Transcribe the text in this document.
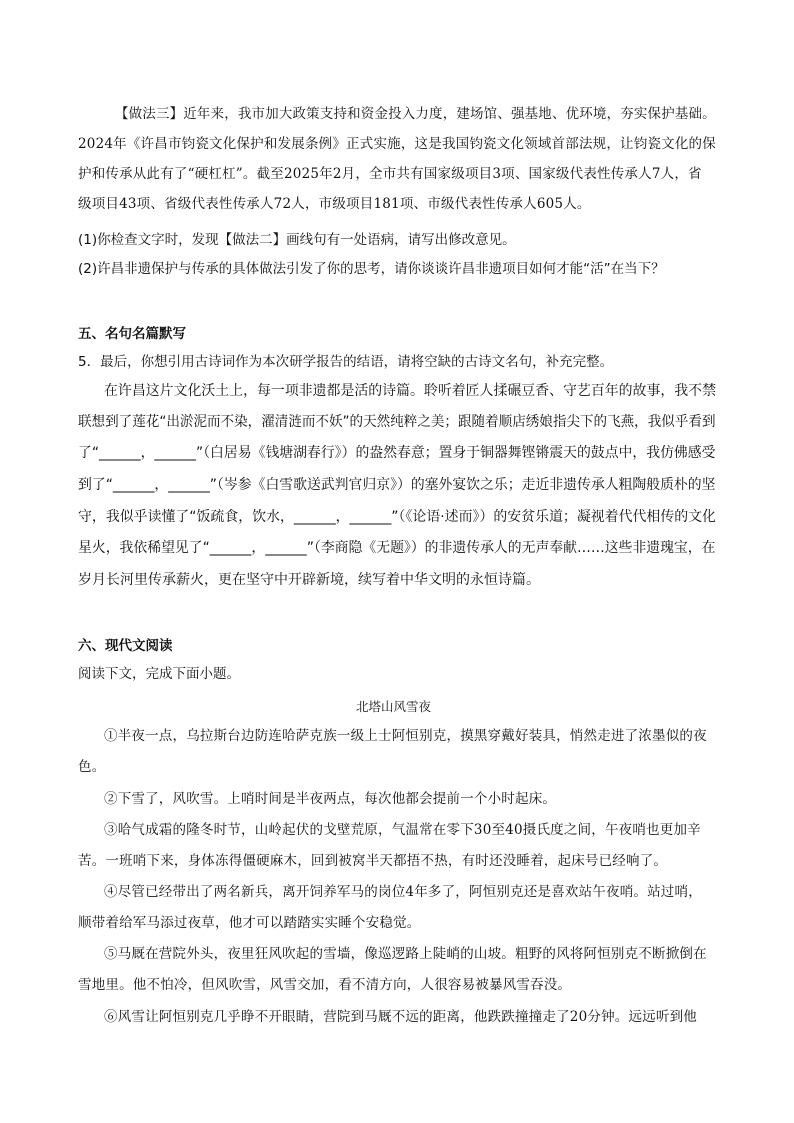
【做法三】近年来，我市加大政策支持和资金投入力度，建场馆、强基地、优环境，夯实保护基础。
2024年《许昌市钧瓷文化保护和发展条例》正式实施，这是我国钧瓷文化领域首部法规，让钧瓷文化的保
护和传承从此有了“硬杠杠”。截至2025年2月，全市共有国家级项目3项、国家级代表性传承人7人，省
级项目43项、省级代表性传承人72人，市级项目181项、市级代表性传承人605人。
(1)你检查文字时，发现【做法二】画线句有一处语病，请写出修改意见。
(2)许昌非遗保护与传承的具体做法引发了你的思考，请你谈谈许昌非遗项目如何才能“活”在当下？
五、名句名篇默写
5．最后，你想引用古诗词作为本次研学报告的结语，请将空缺的古诗文名句，补充完整。
在许昌这片文化沃土上，每一项非遗都是活的诗篇。聆听着匠人揉碾豆香、守艺百年的故事，我不禁
联想到了莲花“出淤泥而不染，濯清涟而不妖”的天然纯粹之美；跟随着顺店绣娘指尖下的飞燕，我似乎看到
了“______，______”（白居易《钱塘湖春行》）的盎然春意；置身于铜器舞铿锵震天的鼓点中，我仿佛感受
到了“______，______”（岑参《白雪歌送武判官归京》）的塞外宴饮之乐；走近非遗传承人粗陶般质朴的坚
守，我似乎读懂了“饭疏食，饮水，______，______”（《论语·述而》）的安贫乐道；凝视着代代相传的文化
星火，我依稀望见了“______，______”（李商隐《无题》）的非遗传承人的无声奉献……这些非遗瑰宝，在
岁月长河里传承薪火，更在坚守中开辟新境，续写着中华文明的永恒诗篇。
六、现代文阅读
阅读下文，完成下面小题。
北塔山风雪夜
①半夜一点，乌拉斯台边防连哈萨克族一级上士阿恒别克，摸黑穿戴好装具，悄然走进了浓墨似的夜
色。
②下雪了，风吹雪。上哨时间是半夜两点，每次他都会提前一个小时起床。
③哈气成霜的隆冬时节，山岭起伏的戈壁荒原，气温常在零下30至40摄氏度之间，午夜哨也更加辛
苦。一班哨下来，身体冻得僵硬麻木，回到被窝半天都捂不热，有时还没睡着，起床号已经响了。
④尽管已经带出了两名新兵，离开饲养军马的岗位4年多了，阿恒别克还是喜欢站午夜哨。站过哨，
顺带着给军马添过夜草，他才可以踏踏实实睡个安稳觉。
⑤马厩在营院外头，夜里狂风吹起的雪墙，像巡逻路上陡峭的山坡。粗野的风将阿恒别克不断掀倒在
雪地里。他不怕冷，但风吹雪，风雪交加，看不清方向，人很容易被暴风雪吞没。
⑥风雪让阿恒别克几乎睁不开眼睛，营院到马厩不远的距离，他跌跌撞撞走了20分钟。远远听到他
